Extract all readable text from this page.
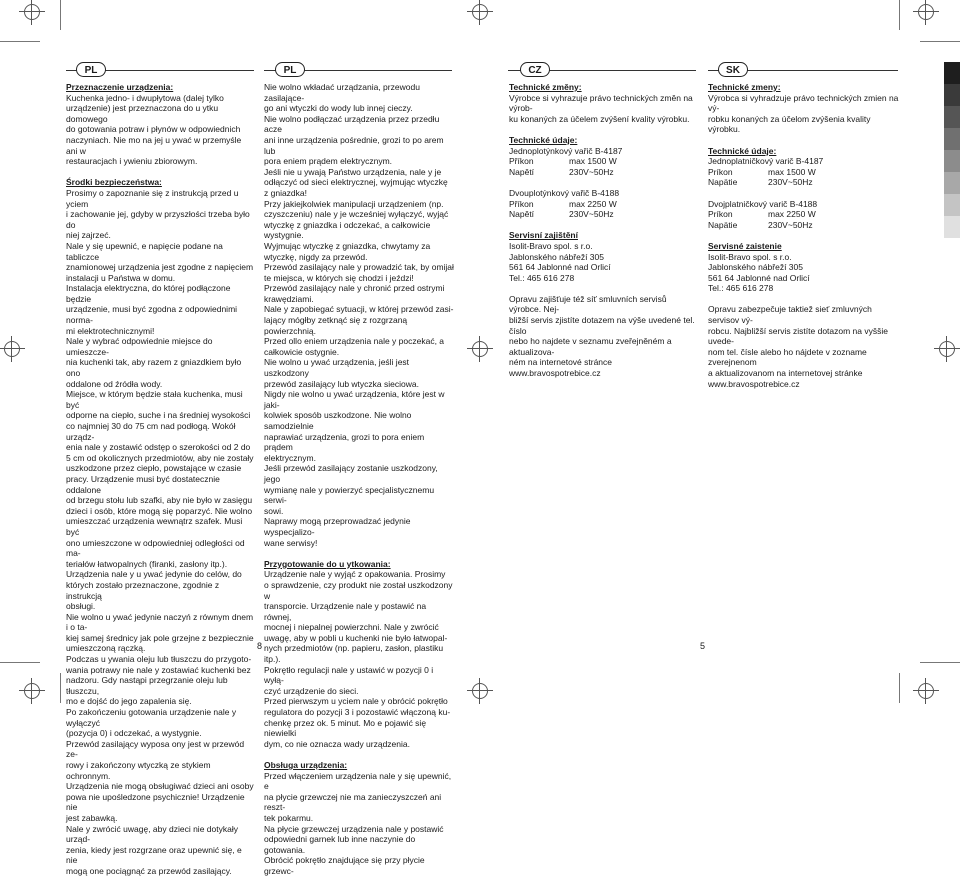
PL	PL	CZ	SK
Przeznaczenie urządzenia:

Kuchenka jedno- i dwupłytowa (dalej tylko

urządzenie) jest przeznaczona do u ytku domowego

do gotowania potraw i płynów w odpowiednich

naczyniach. Nie mo na jej u ywać w przemyśle ani w

restauracjach i ywieniu zbiorowym.

Środki bezpieczeństwa:

Prosimy o zapoznanie się z instrukcją przed u yciem

i zachowanie jej, gdyby w przyszłości trzeba było do

niej zajrzeć.

Nale y się upewnić, e napięcie podane na tabliczce

znamionowej urządzenia jest zgodne z napięciem

instalacji u Państwa w domu.

Instalacja elektryczna, do której podłączone będzie

urządzenie, musi być zgodna z odpowiednimi norma-

mi elektrotechnicznymi!

Nale y wybrać odpowiednie miejsce do umieszcze-

nia kuchenki tak, aby razem z gniazdkiem było ono

oddalone od źródła wody.

Miejsce, w którym będzie stała kuchenka, musi być

odporne na ciepło, suche i na średniej wysokości

co najmniej 30 do 75 cm nad podłogą. Wokół urządz-

enia nale y zostawić odstęp o szerokości od 2 do

5 cm od okolicznych przedmiotów, aby nie zostały

uszkodzone przez ciepło, powstające w czasie

pracy. Urządzenie musi być dostatecznie oddalone

od brzegu stołu lub szafki, aby nie było w zasięgu

dzieci i osób, które mogą się poparzyć. Nie wolno

umieszczać urządzenia wewnątrz szafek. Musi być

ono umieszczone w odpowiedniej odległości od ma-

teriałów łatwopalnych (firanki, zasłony itp.).

Urządzenia nale y u ywać jedynie do celów, do

których zostało przeznaczone, zgodnie z instrukcją

obsługi.

Nie wolno u ywać jedynie naczyń z równym dnem i o ta-

kiej samej średnicy jak pole grzejne z bezpiecznie

umieszczoną rączką.

Podczas u ywania oleju lub tłuszczu do przygoto-

wania potrawy nie nale y zostawiać kuchenki bez

nadzoru. Gdy nastąpi przegrzanie oleju lub tłuszczu,

mo e dojść do jego zapalenia się.

Po zakończeniu gotowania urządzenie nale y wyłączyć

(pozycja 0) i odczekać, a wystygnie.

Przewód zasilający wyposa ony jest w przewód ze-

rowy i zakończony wtyczką ze stykiem ochronnym.

Urządzenia nie mogą obsługiwać dzieci ani osoby

powa nie upośledzone psychicznie! Urządzenie nie

jest zabawką.

Nale y zwrócić uwagę, aby dzieci nie dotykały urząd-

zenia, kiedy jest rozgrzane oraz upewnić się, e nie

mogą one pociągnąć za przewód zasilający.

Nie wolno wkładać urządzania, przewodu zasilające-

go ani wtyczki do wody lub innej cieczy.

Nie wolno podłączać urządzenia przez przedłu acze

ani inne urządzenia pośrednie, grozi to po arem lub

pora eniem prądem elektrycznym.

Jeśli nie u ywają Państwo urządzenia, nale y je

odłączyć od sieci elektrycznej, wyjmując wtyczkę

z gniazdka!

Przy jakiejkolwiek manipulacji urządzeniem (np.

czyszczeniu) nale y je wcześniej wyłączyć, wyjąć

wtyczkę z gniazdka i odczekać, a całkowicie wystygnie.

Wyjmując wtyczkę z gniazdka, chwytamy za

wtyczkę, nigdy za przewód.

Przewód zasilający nale y prowadzić tak, by omijał

te miejsca, w których się chodzi i jeździ!

Przewód zasilający nale y chronić przed ostrymi

krawędziami.

Nale y zapobiegać sytuacji, w której przewód zasi-

lający mógłby zetknąć się z rozgrzaną powierzchnią.

Przed ollo eniem urządzenia nale y poczekać, a

całkowicie ostygnie.

Nie wolno u ywać urządzenia, jeśli jest uszkodzony

przewód zasilający lub wtyczka sieciowa.

Nigdy nie wolno u ywać urządzenia, które jest w jaki-

kolwiek sposób uszkodzone. Nie wolno samodzielnie

naprawiać urządzenia, grozi to pora eniem prądem

elektrycznym.

Jeśli przewód zasilający zostanie uszkodzony, jego

wymianę nale y powierzyć specjalistycznemu serwi-

sowi.

Naprawy mogą przeprowadzać jedynie wyspecjalizo-

wane serwisy!

Przygotowanie do u ytkowania:

Urządzenie nale y wyjąć z opakowania. Prosimy

o sprawdzenie, czy produkt nie został uszkodzony w

transporcie. Urządzenie nale y postawić na równej,

mocnej i niepalnej powierzchni. Nale y zwrócić

uwagę, aby w pobli u kuchenki nie było łatwopal-

nych przedmiotów (np. papieru, zasłon, plastiku itp.).

Pokrętło regulacji nale y ustawić w pozycji 0 i wyłą-

czyć urządzenie do sieci.

Przed pierwszym u yciem nale y obrócić pokrętło

regulatora do pozycji 3 i pozostawić włączoną ku-

chenkę przez ok. 5 minut. Mo e pojawić się niewielki

dym, co nie oznacza wady urządzenia.

Obsługa urządzenia:

Przed włączeniem urządzenia nale y się upewnić, e

na płycie grzewczej nie ma zanieczyszczeń ani reszt-

tek pokarmu.

Na płycie grzewczej urządzenia nale y postawić

odpowiedni garnek lub inne naczynie do gotowania.

Obrócić pokrętło znajdujące się przy płycie grzewc-

Technické změny:

Výrobce si vyhrazuje právo technických změn na výrob-

ku konaných za účelem zvýšení kvality výrobku.

Technické údaje:

Jednoplotýnkový vařič B-4187

Příkon	max 1500 W
Napětí	230V~50Hz

Dvouplotýnkový vařič B-4188

Příkon	max 2250 W
Napětí	230V~50Hz
Servisní zajištění

Isolit-Bravo spol. s r.o.

Jablonského nábřeží 305

561 64 Jablonné nad Orlicí

Tel.: 465 616 278

Opravu zajišťuje též síť smluvních servisů výrobce. Nej-

bližší servis zjistíte dotazem na výše uvedené tel. číslo

nebo ho najdete v seznamu zveřejněném a aktualizova-

ném na internetové stránce

www.bravospotrebice.cz

Technické zmeny:

Výrobca si vyhradzuje právo technických zmien na vý-

robku konaných za účelom zvýšenia kvality výrobku.

Technické údaje:

Jednoplatničkový varič B-4187

Príkon	max 1500 W
Napätie	230V~50Hz

Dvojplatničkový varič B-4188

Príkon	max 2250 W
Napätie	230V~50Hz
Servisné zaistenie

Isolit-Bravo spol. s r.o.

Jablonského nábřeží 305

561 64 Jablonné nad Orlicí

Tel.: 465 616 278

Opravu zabezpečuje taktiež sieť zmluvných servisov vý-

robcu. Najbližší servis zistíte dotazom na vyššie uvede-

nom tel. čísle alebo ho nájdete v zozname zverejnenom

a aktualizovanom na internetovej stránke

www.bravospotrebice.cz

8	5
